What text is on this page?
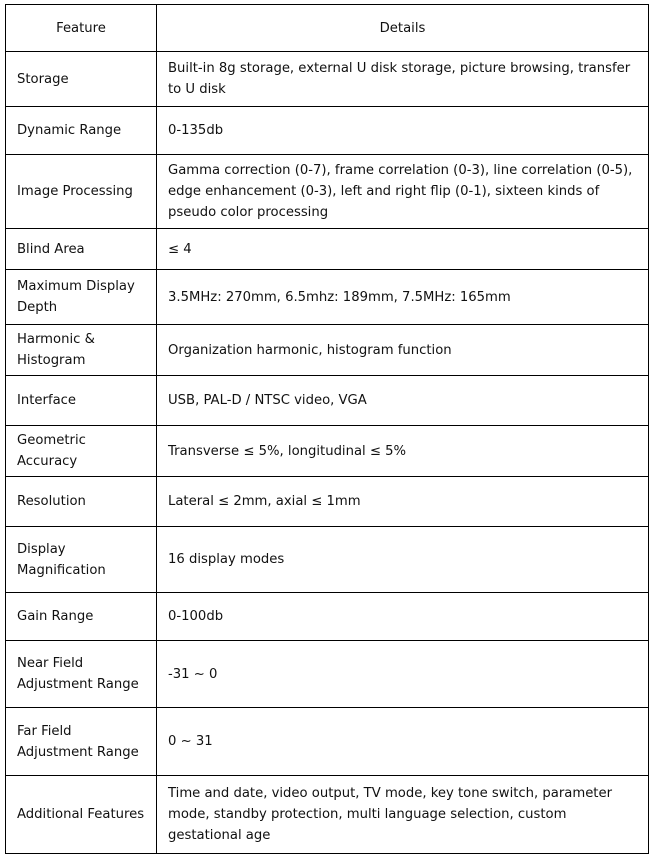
Feature	Details
Storage	Built-in 8g storage, external U disk storage, picture browsing, transfer to U disk
Dynamic Range	0-135db
Image Processing	Gamma correction (0-7), frame correlation (0-3), line correlation (0-5), edge enhancement (0-3), left and right flip (0-1), sixteen kinds of pseudo color processing
Blind Area	≤ 4
Maximum Display Depth	3.5MHz: 270mm, 6.5mhz: 189mm, 7.5MHz: 165mm
Harmonic & Histogram	Organization harmonic, histogram function
Interface	USB, PAL-D / NTSC video, VGA
Geometric Accuracy	Transverse ≤ 5%, longitudinal ≤ 5%
Resolution	Lateral ≤ 2mm, axial ≤ 1mm
Display Magnification	16 display modes
Gain Range	0-100db
Near Field Adjustment Range	-31 ~ 0
Far Field Adjustment Range	0 ~ 31
Additional Features	Time and date, video output, TV mode, key tone switch, parameter mode, standby protection, multi language selection, custom gestational age
